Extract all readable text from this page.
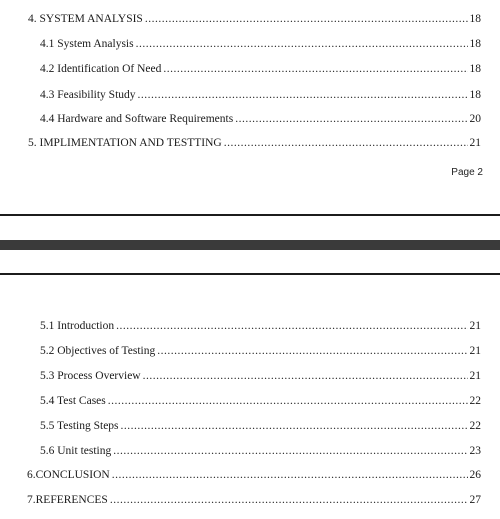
4. SYSTEM ANALYSIS .....	18
4.1 System Analysis .....	18
4.2 Identification Of Need .....	18
4.3 Feasibility Study .....	18
4.4 Hardware and Software Requirements .....	20
5. IMPLIMENTATION AND TESTTING .....	21
Page 2
5.1 Introduction .....	21
5.2 Objectives of Testing .....	21
5.3 Process Overview .....	21
5.4 Test Cases .....	22
5.5 Testing Steps .....	22
5.6 Unit testing .....	23
6.CONCLUSION .....	26
7.REFERENCES .....	27
